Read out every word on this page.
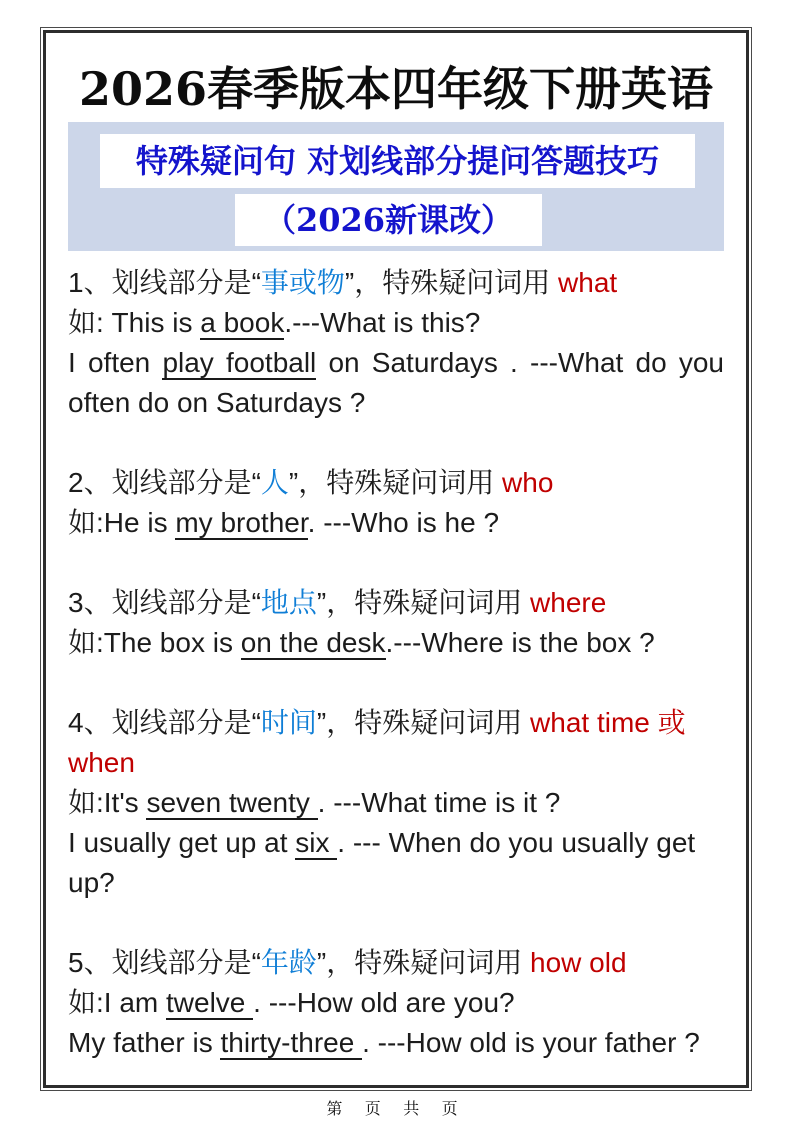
2026春季版本四年级下册英语
特殊疑问句 对划线部分提问答题技巧
（2026新课改）

1、划线部分是“事或物”，特殊疑问词用 what

如: This is a book.---What is this?

I often play football on Saturdays . ---What do you

often do on Saturdays ?

2、划线部分是“人”，特殊疑问词用 who

如:He is my brother. ---Who is he ?

3、划线部分是“地点”，特殊疑问词用 where

如:The box is on the desk.---Where is the box ?

4、划线部分是“时间”，特殊疑问词用 what time 或 when

如:It's seven twenty . ---What time is it ?

I usually get up at six . --- When do you usually get up?

5、划线部分是“年龄”，特殊疑问词用 how old

如:I am twelve . ---How old are you?

My father is thirty-three . ---How old is your father ?

第 页 共 页
